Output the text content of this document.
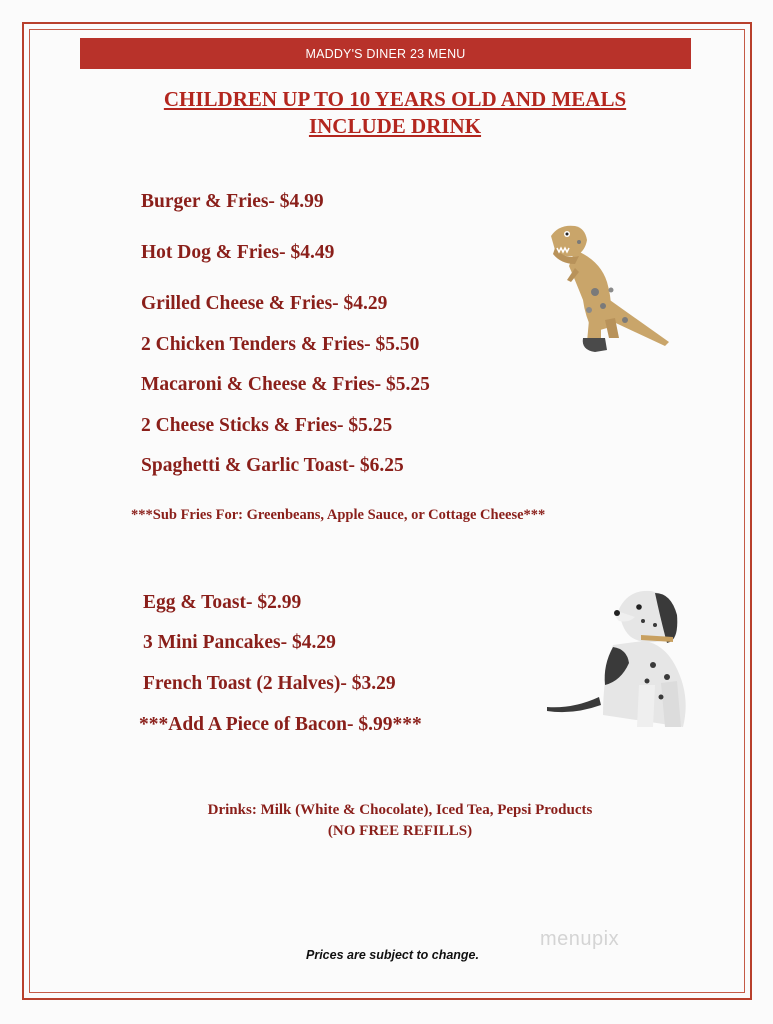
MADDY'S DINER 23 MENU
CHILDREN UP TO 10 YEARS OLD AND MEALS
INCLUDE DRINK
Burger & Fries- $4.99
Hot Dog & Fries- $4.49
Grilled Cheese & Fries- $4.29
2 Chicken Tenders & Fries- $5.50
Macaroni & Cheese & Fries- $5.25
2 Cheese Sticks & Fries- $5.25
Spaghetti & Garlic Toast- $6.25
***Sub Fries For: Greenbeans, Apple Sauce, or Cottage Cheese***
Egg & Toast- $2.99
3 Mini Pancakes- $4.29
French Toast (2 Halves)- $3.29
***Add A Piece of Bacon- $.99***
Drinks: Milk (White & Chocolate), Iced Tea, Pepsi Products
(NO FREE REFILLS)
Prices are subject to change.
menupix
